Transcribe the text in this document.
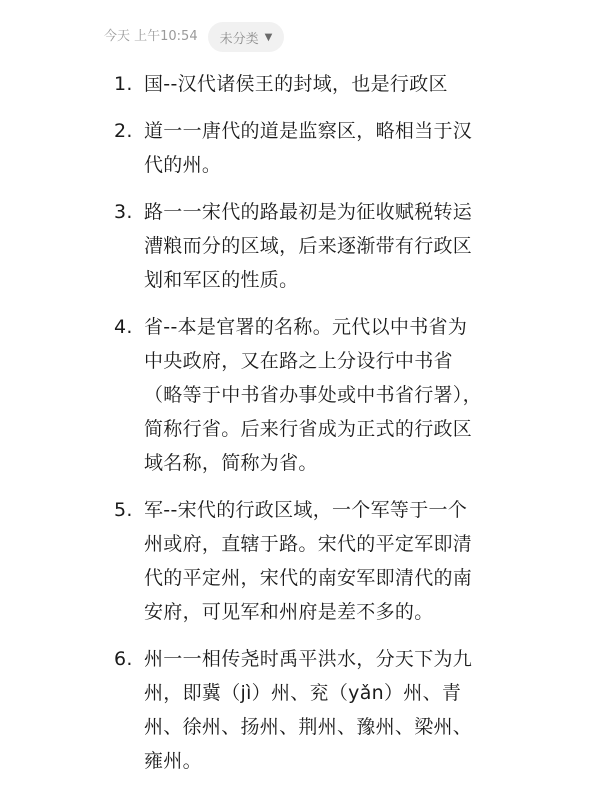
今天 上午10:54 未分类 ▼
1. 国--汉代诸侯王的封域，也是行政区
2. 道一一唐代的道是监察区，略相当于汉代的州。
3. 路一一宋代的路最初是为征收赋税转运漕粮而分的区域，后来逐渐带有行政区划和军区的性质。
4. 省--本是官署的名称。元代以中书省为中央政府，又在路之上分设行中书省（略等于中书省办事处或中书省行署），简称行省。后来行省成为正式的行政区域名称，简称为省。
5. 军--宋代的行政区域，一个军等于一个州或府，直辖于路。宋代的平定军即清代的平定州，宋代的南安军即清代的南安府，可见军和州府是差不多的。
6. 州一一相传尧时禹平洪水，分天下为九州，即冀（jì）州、兖（yǎn）州、青州、徐州、扬州、荆州、豫州、梁州、雍州。
